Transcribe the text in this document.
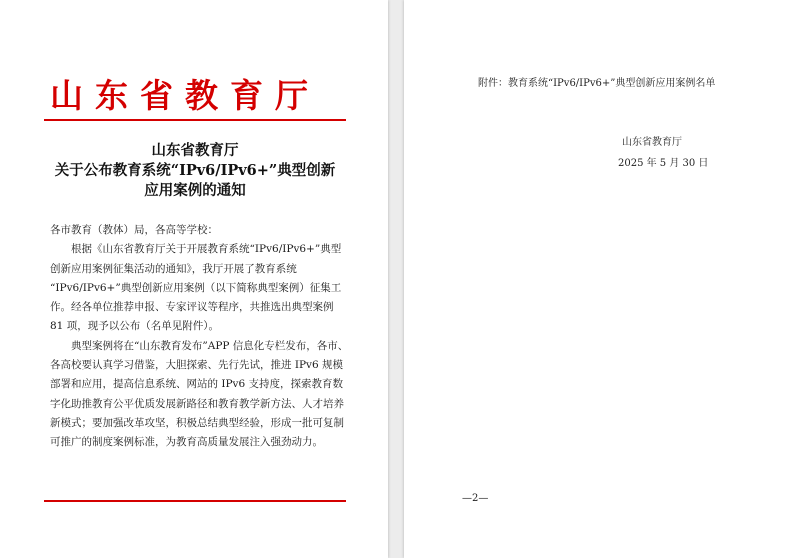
山东省教育厅
山东省教育厅
关于公布教育系统“IPv6/IPv6+”典型创新
应用案例的通知
各市教育（教体）局，各高等学校：
　　根据《山东省教育厅关于开展教育系统“IPv6/IPv6+”典型
创新应用案例征集活动的通知》，我厅开展了教育系统
“IPv6/IPv6+”典型创新应用案例（以下简称典型案例）征集工
作。经各单位推荐申报、专家评议等程序，共推选出典型案例
81 项，现予以公布（名单见附件）。
　　典型案例将在“山东教育发布”APP 信息化专栏发布，各市、
各高校要认真学习借鉴，大胆探索、先行先试，推进 IPv6 规模
部署和应用，提高信息系统、网站的 IPv6 支持度，探索教育数
字化助推教育公平优质发展新路径和教育教学新方法、人才培养
新模式；要加强改革攻坚，积极总结典型经验，形成一批可复制
可推广的制度案例标准，为教育高质量发展注入强劲动力。
附件：教育系统“IPv6/IPv6+”典型创新应用案例名单
山东省教育厅
2025 年 5 月 30 日
—2—
